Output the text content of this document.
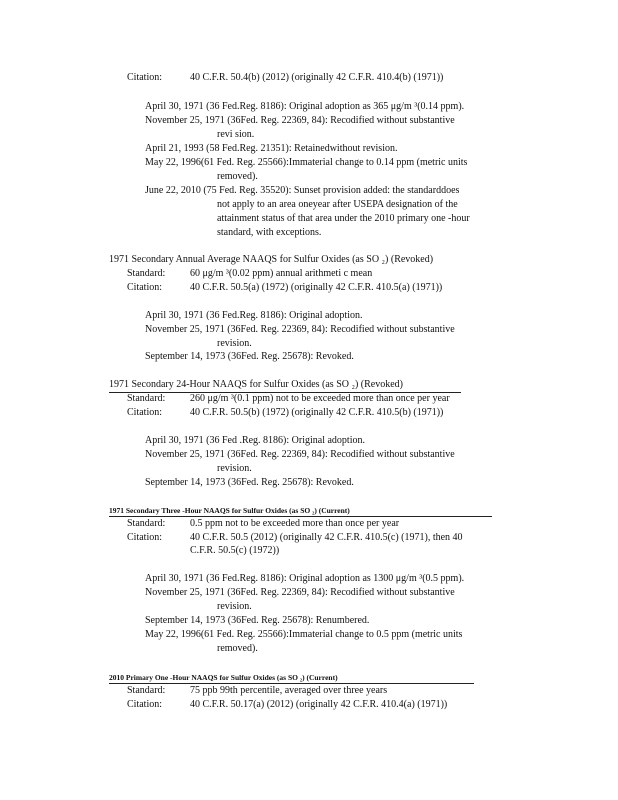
Citation:	40 C.F.R. 50.4(b) (2012) (originally 42 C.F.R. 410.4(b) (1971))
April 30, 1971 (36 Fed.Reg. 8186): Original adoption as 365 μg/m ³(0.14 ppm).
November 25, 1971 (36Fed. Reg. 22369, 84): Recodified without substantive
revi sion.
April 21, 1993 (58 Fed.Reg. 21351): Retainedwithout revision.
May 22, 1996(61 Fed. Reg. 25566):Immaterial change to 0.14 ppm (metric units
removed).
June 22, 2010 (75 Fed. Reg. 35520): Sunset provision added: the standarddoes
not apply to an area oneyear after USEPA designation of the
attainment status of that area under the 2010 primary one -hour
standard, with exceptions.
1971 Secondary Annual Average NAAQS for Sulfur Oxides (as SO ₂) (Revoked)
Standard: 60 μg/m ³(0.02 ppm) annual arithmeti c mean
Citation:	40 C.F.R. 50.5(a) (1972) (originally 42 C.F.R. 410.5(a) (1971))
April 30, 1971 (36 Fed.Reg. 8186): Original adoption.
November 25, 1971 (36Fed. Reg. 22369, 84): Recodified without substantive
revision.
September 14, 1973 (36Fed. Reg. 25678): Revoked.
1971 Secondary 24-Hour NAAQS for Sulfur Oxides (as SO ₂) (Revoked)
Standard: 260 μg/m ³(0.1 ppm) not to be exceeded more than once per year
Citation:	40 C.F.R. 50.5(b) (1972) (originally 42 C.F.R. 410.5(b) (1971))
April 30, 1971 (36 Fed .Reg. 8186): Original adoption.
November 25, 1971 (36Fed. Reg. 22369, 84): Recodified without substantive
revision.
September 14, 1973 (36Fed. Reg. 25678): Revoked.
1971 Secondary Three -Hour NAAQS for Sulfur Oxides (as SO ₂) (Current)
Standard: 0.5 ppm not to be exceeded more than once per year
Citation:	40 C.F.R. 50.5 (2012) (originally 42 C.F.R. 410.5(c) (1971), then 40
C.F.R. 50.5(c) (1972))
April 30, 1971 (36 Fed.Reg. 8186): Original adoption as 1300 μg/m ³(0.5 ppm).
November 25, 1971 (36Fed. Reg. 22369, 84): Recodified without substantive
revision.
September 14, 1973 (36Fed. Reg. 25678): Renumbered.
May 22, 1996(61 Fed. Reg. 25566):Immaterial change to 0.5 ppm (metric units
removed).
2010 Primary One -Hour NAAQS for Sulfur Oxides (as SO ₂) (Current)
Standard: 75 ppb 99th percentile, averaged over three years
Citation:	40 C.F.R. 50.17(a) (2012) (originally 42 C.F.R. 410.4(a) (1971))
